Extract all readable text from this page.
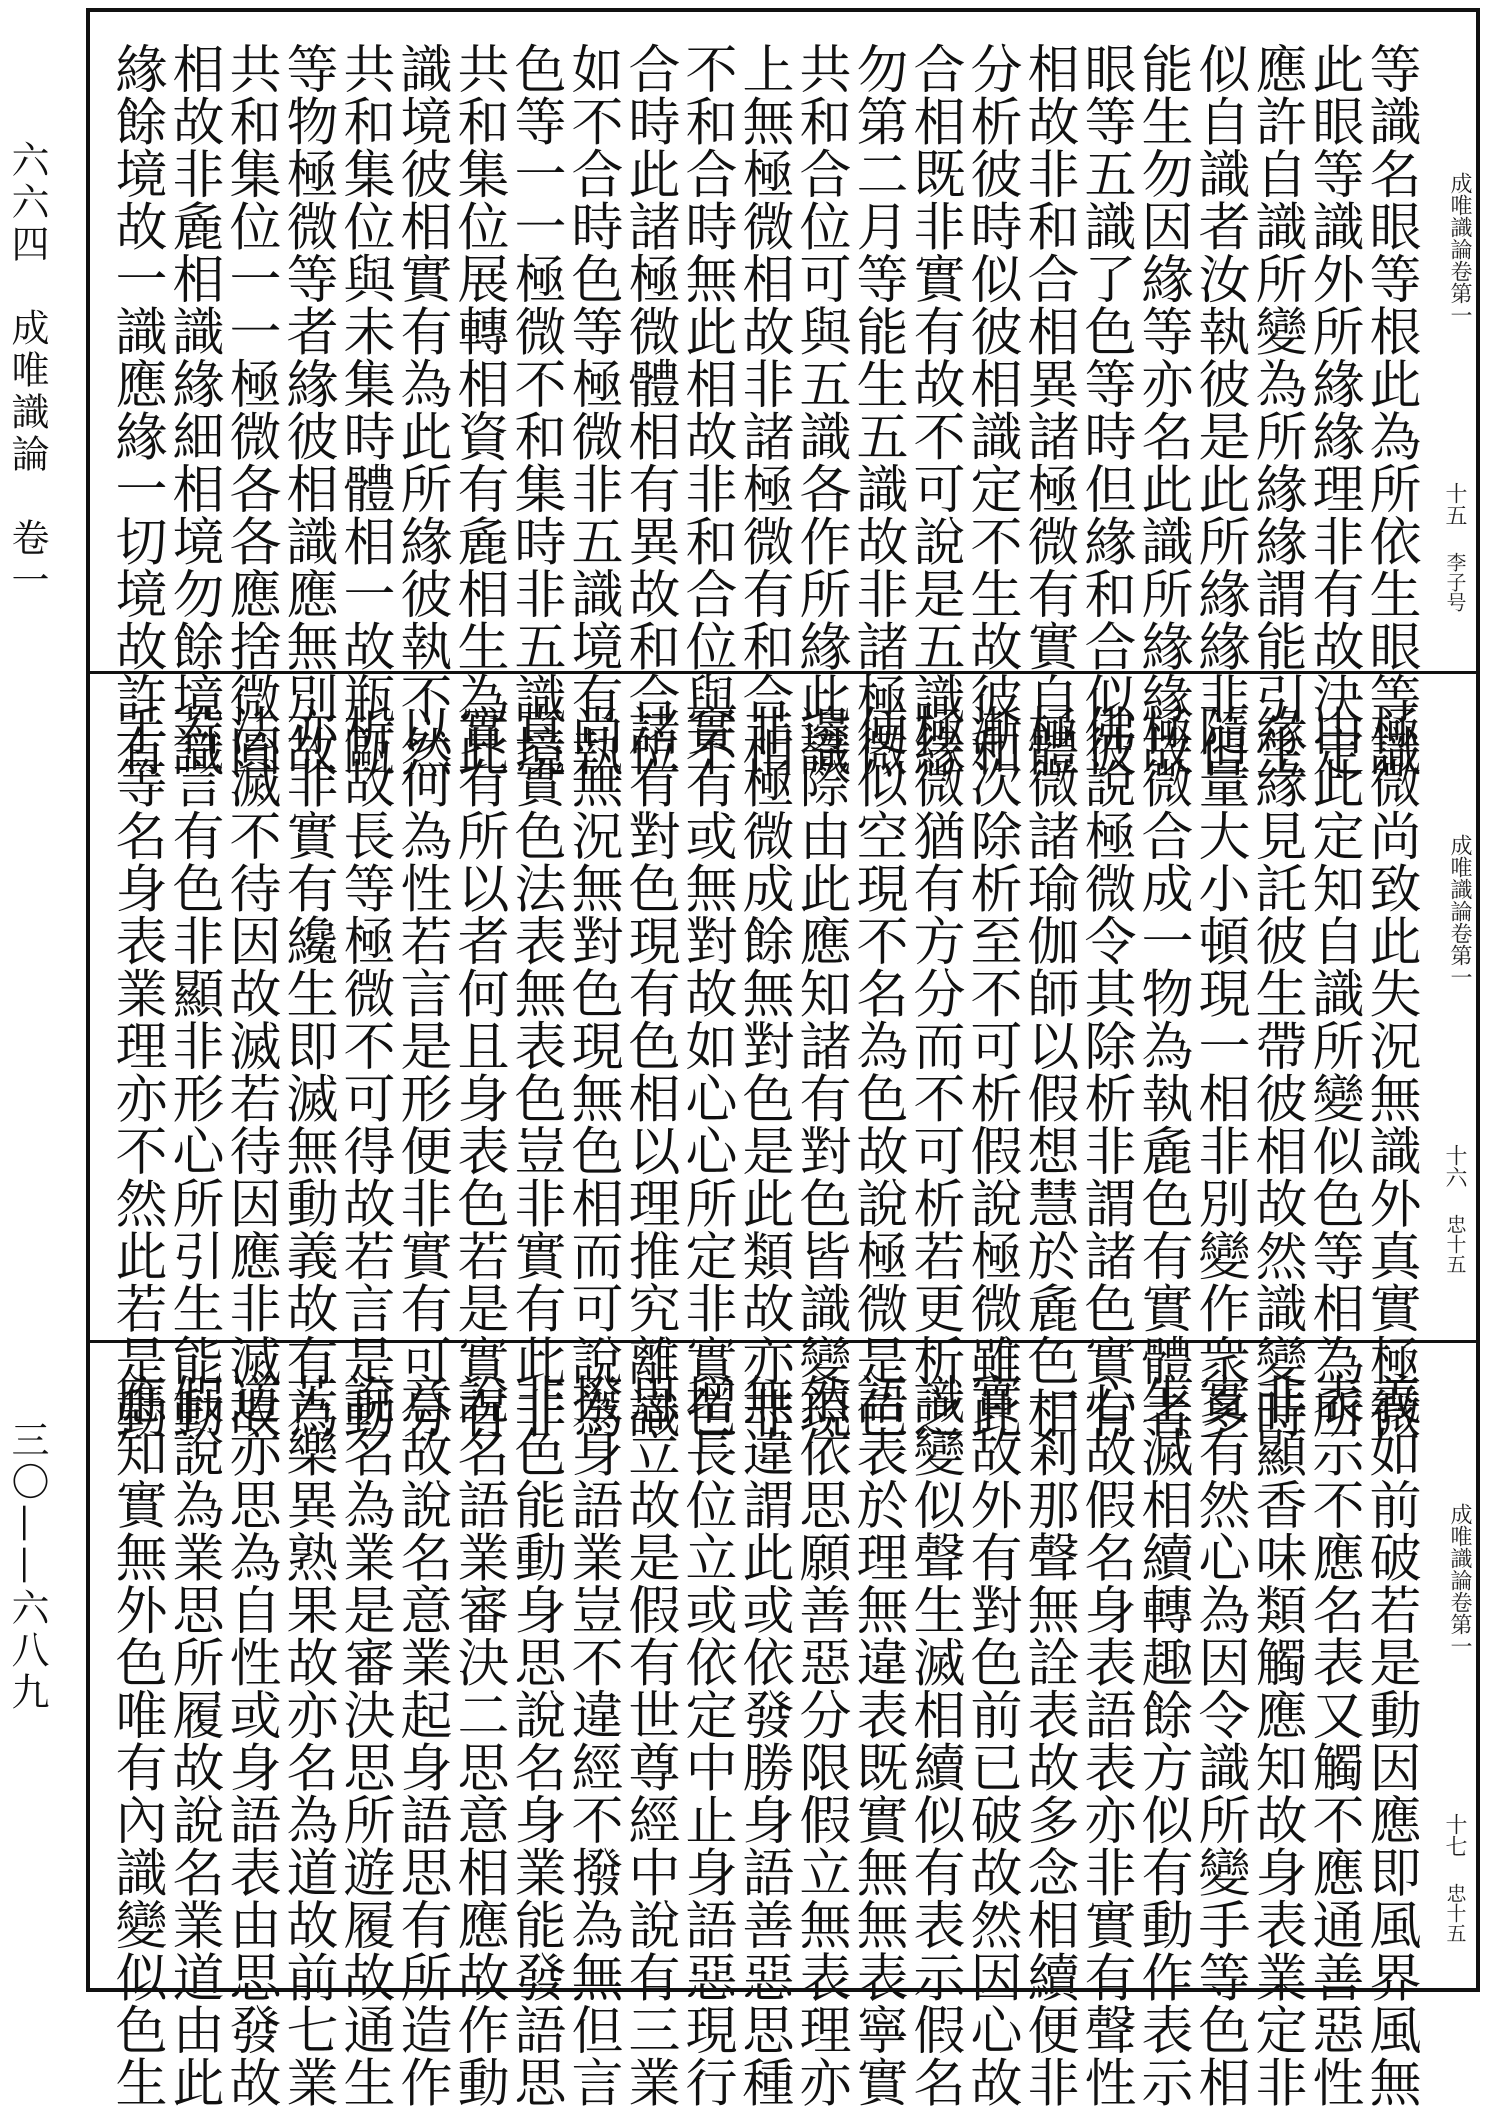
六六四　成唯識論　卷一
三〇——六八九
成唯識論卷第一
十五
李子号
等識名眼等根此為所依生眼等識
此眼等識外所緣緣理非有故決定
應許自識所變為所緣緣謂能引生
似自識者汝執彼是此所緣緣非但
能生勿因緣等亦名此識所緣緣故
眼等五識了色等時但緣和合似彼
相故非和合相異諸極微有實自體
分析彼時似彼相識定不生故彼和
合相既非實有故不可說是五識緣
勿第二月等能生五識故非諸極微
共和合位可與五識各作所緣此識
上無極微相故非諸極微有和合相
不和合時無此相故非和合位與不
合時此諸極微體相有異故和合位
如不合時色等極微非五識境有執
色等一一極微不和集時非五識境
共和集位展轉相資有麁相生為此
識境彼相實有為此所緣彼執不然
共和集位與未集時體相一故瓶甌
等物極微等者緣彼相識應無別故
共和集位一一極微各各應捨微圓
相故非麁相識緣細相境勿餘境識
緣餘境故一識應緣一切境故許有
成唯識論卷第一
十六
忠十五
極微尚致此失況無識外真實極微
由此定知自識所變似色等相為所
緣緣見託彼生帶彼相故然識變時
隨量大小頓現一相非別變作衆多
極微合成一物為執麁色有實體者
佛說極微令其除析非謂諸色實有
極微諸瑜伽師以假想慧於麁色相
漸次除析至不可析假說極微雖此
極微猶有方分而不可析若更析之
便似空現不名為色故說極微是色
邊際由此應知諸有對色皆識變現
非極微成餘無對色是此類故亦非
實有或無對故如心心所定非實色
諸有對色現有色相以理推究離識
尚無況無對色現無色相而可說為
真實色法表無表色豈非實有此非
實有所以者何且身表色若是實有
以何為性若言是形便非實有可分
析故長等極微不可得故若言是動
亦非實有纔生即滅無動義故有為
法滅不待因故滅若待因應非滅故
若言有色非顯非形心所引生能動
手等名身表業理亦不然此若是動
成唯識論卷第一
十七
忠十五
義如前破若是動因應即風界風無
表示不應名表又觸不應通善惡性
非顯香味類觸應知故身表業定非
實有然心為因令識所變手等色相
生滅相續轉趣餘方似有動作表示
心故假名身表語表亦非實有聲性
一剎那聲無詮表故多念相續便非
實故外有對色前已破故然因心故
識變似聲生滅相續似有表示假名
語表於理無違表既實無無表寧實
然依思願善惡分限假立無表理亦
無違謂此或依發勝身語善惡思種
增長位立或依定中止身語惡現行
思立故是假有世尊經中說有三業
撥身語業豈不違經不撥為無但言
非色能動身思說名身業能發語思
說名語業審決二思意相應故作動
意故說名意業起身語思有所造作
說名為業是審決思所遊履故通生
苦樂異熟果故亦名為道故前七業
道亦思為自性或身語表由思發故
假說為業思所履故說名業道由此
應知實無外色唯有內識變似色生
